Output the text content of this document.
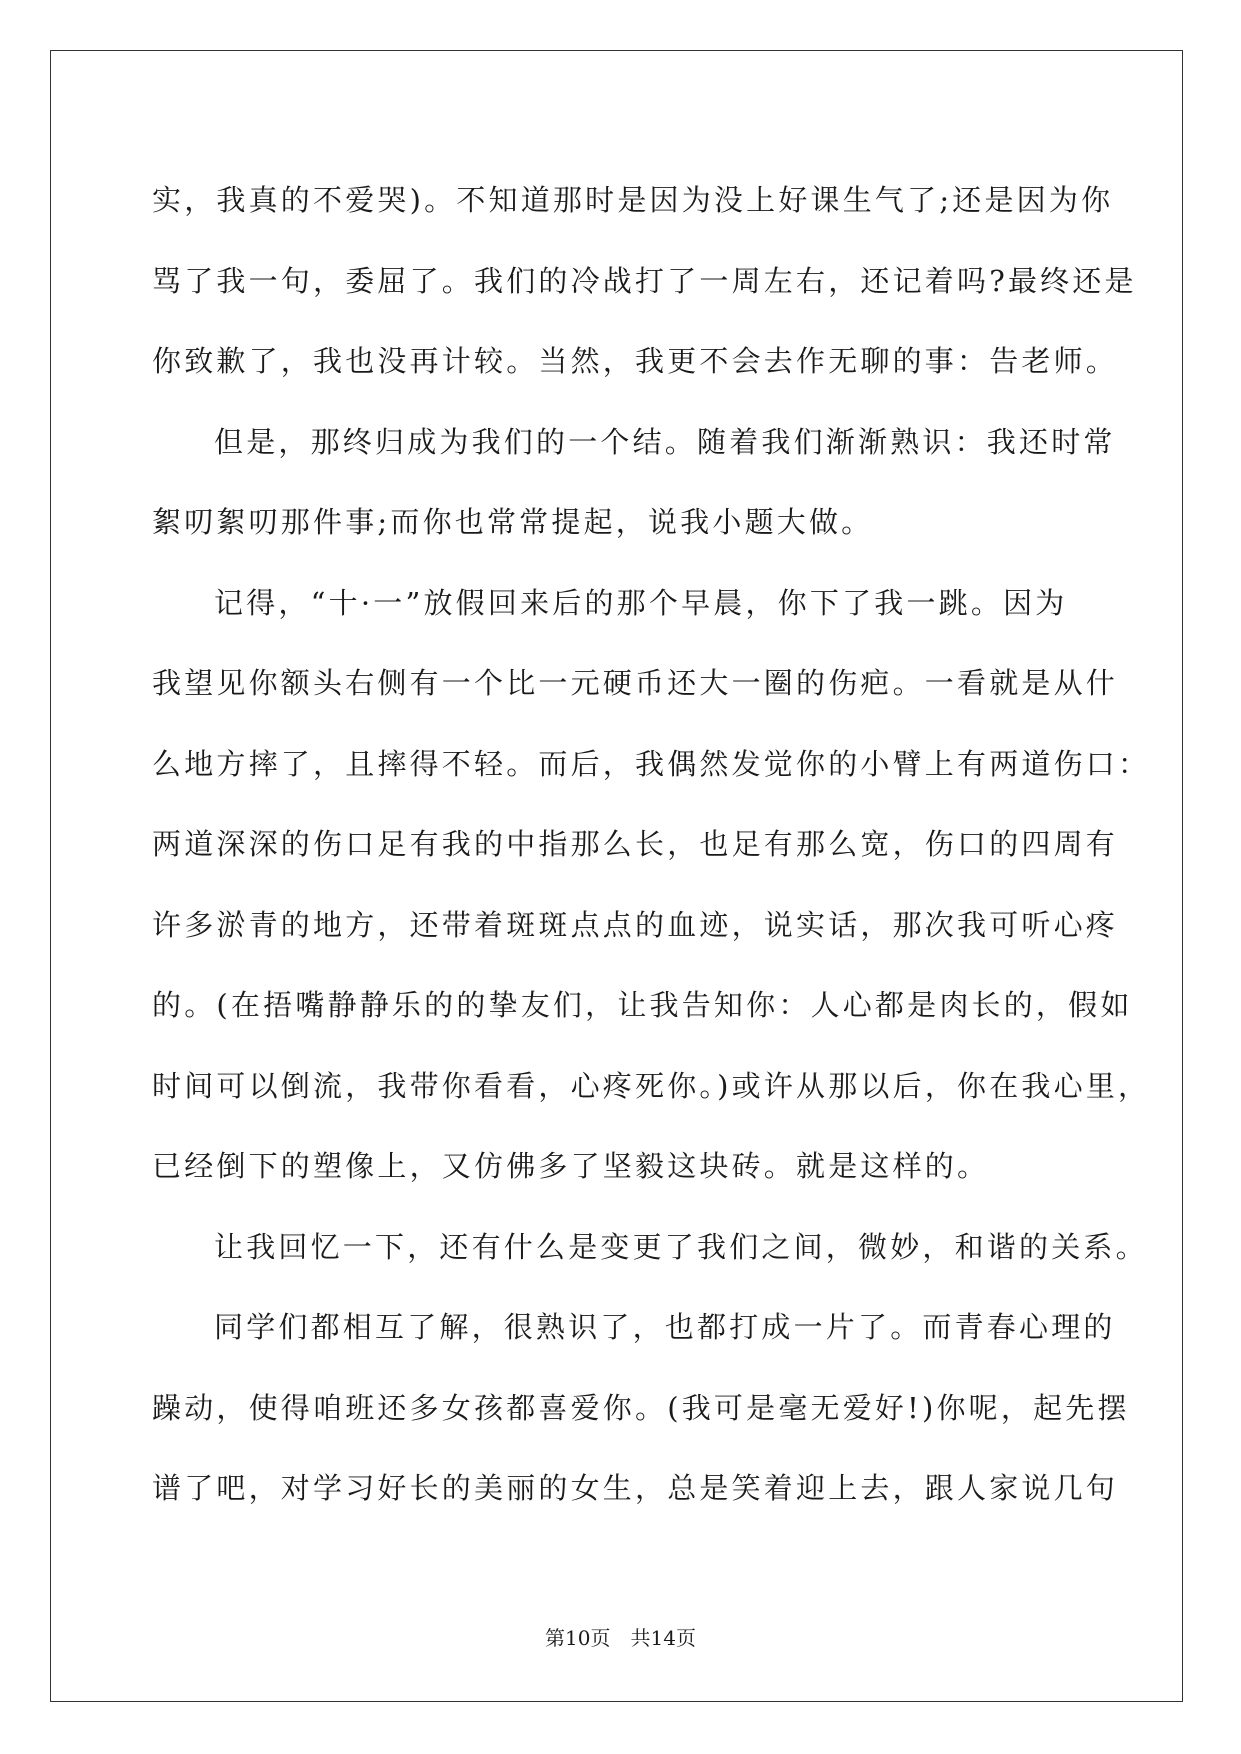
实，我真的不爱哭)。不知道那时是因为没上好课生气了;还是因为你
骂了我一句，委屈了。我们的冷战打了一周左右，还记着吗?最终还是
你致歉了，我也没再计较。当然，我更不会去作无聊的事：告老师。
但是，那终归成为我们的一个结。随着我们渐渐熟识：我还时常
絮叨絮叨那件事;而你也常常提起，说我小题大做。
记得，“十·一”放假回来后的那个早晨，你下了我一跳。因为
我望见你额头右侧有一个比一元硬币还大一圈的伤疤。一看就是从什
么地方摔了，且摔得不轻。而后，我偶然发觉你的小臂上有两道伤口：
两道深深的伤口足有我的中指那么长，也足有那么宽，伤口的四周有
许多淤青的地方，还带着斑斑点点的血迹，说实话，那次我可听心疼
的。(在捂嘴静静乐的的挚友们，让我告知你：人心都是肉长的，假如
时间可以倒流，我带你看看，心疼死你。)或许从那以后，你在我心里，
已经倒下的塑像上，又仿佛多了坚毅这块砖。就是这样的。
让我回忆一下，还有什么是变更了我们之间，微妙，和谐的关系。
同学们都相互了解，很熟识了，也都打成一片了。而青春心理的
躁动，使得咱班还多女孩都喜爱你。(我可是毫无爱好!)你呢，起先摆
谱了吧，对学习好长的美丽的女生，总是笑着迎上去，跟人家说几句
第10页　共14页
